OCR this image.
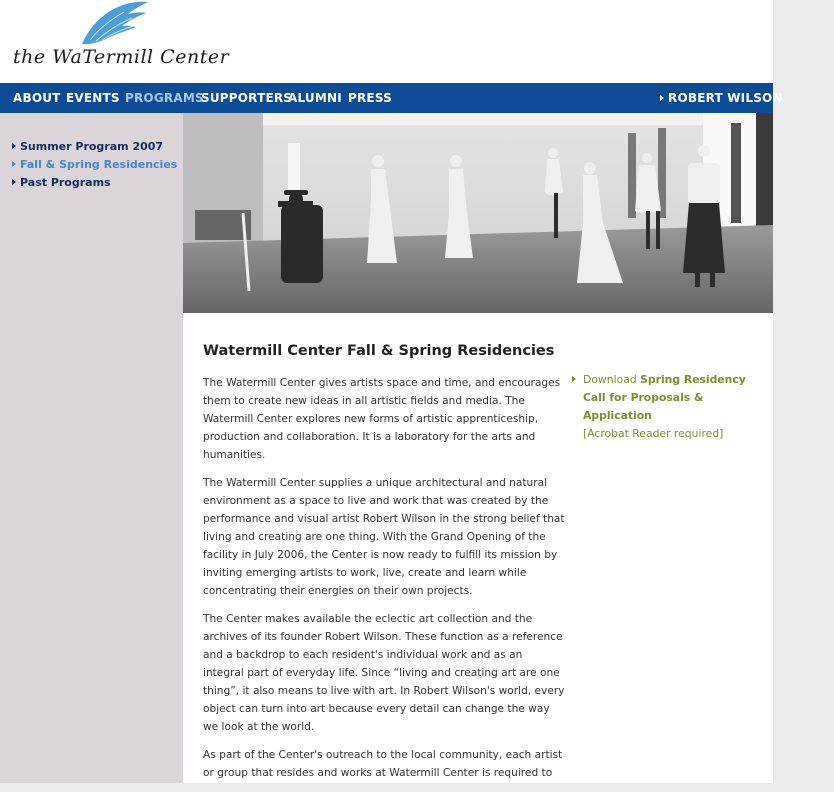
the WaTermill Center
ABOUT EVENTS PROGRAMS
SUPPORTERS
ALUMNI PRESS	ROBERT WILSON
Summer Program 2007
Fall & Spring Residencies
Past Programs
Watermill Center Fall & Spring Residencies

The Watermill Center gives artists space and time, and encourages them to create new ideas in all artistic fields and media. The Watermill Center explores new forms of artistic apprenticeship, production and collaboration. It is a laboratory for the arts and humanities.

The Watermill Center supplies a unique architectural and natural environment as a space to live and work that was created by the performance and visual artist Robert Wilson in the strong belief that living and creating are one thing. With the Grand Opening of the facility in July 2006, the Center is now ready to fulfill its mission by inviting emerging artists to work, live, create and learn while concentrating their energies on their own projects.

The Center makes available the eclectic art collection and the archives of its founder Robert Wilson. These function as a reference and a backdrop to each resident's individual work and as an integral part of everyday life. Since “living and creating art are one thing”, it also means to live with art. In Robert Wilson's world, every object can turn into art because every detail can change the way we look at the world.

As part of the Center's outreach to the local community, each artist or group that resides and works at Watermill Center is required to

Download Spring Residency Call for Proposals & Application
[Acrobat Reader required]
